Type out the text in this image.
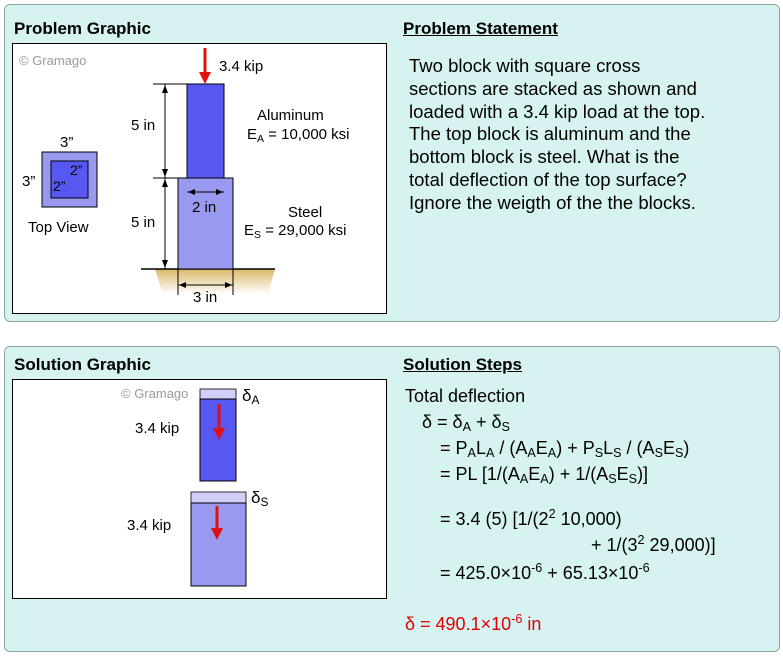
Problem Graphic	Problem Statement
© Gramago	3.4 kip
5 in
5 in
2 in
3 in
Aluminum
$E_A = 10,000$ ksi
Steel
$E_S = 29,000$ ksi
3”
3”
2”
2”
Top View
Two block with square cross
sections are stacked as shown and
loaded with a 3.4 kip load at the top.
The top block is aluminum and the
bottom block is steel. What is the
total deflection of the top surface?
Ignore the weigth of the the blocks.
Solution Graphic	Solution Steps
© Gramago
3.4 kip
3.4 kip
$\delta_A$
$\delta_S$
Total deflection
$\delta = \delta_A + \delta_S$
= $P_AL_A / (A_AE_A) + P_SL_S / (A_SE_S)$
= PL $[1/(A_AE_A) + 1/(A_SE_S)]$
= 3.4 (5) [$1/(2^2$ 10,000)
+ $1/(3^2$ 29,000)]
= $425.0\times 10^{-6} + 65.13\times 10^{-6}$
$\delta = 490.1\times 10^{-6}$ in
